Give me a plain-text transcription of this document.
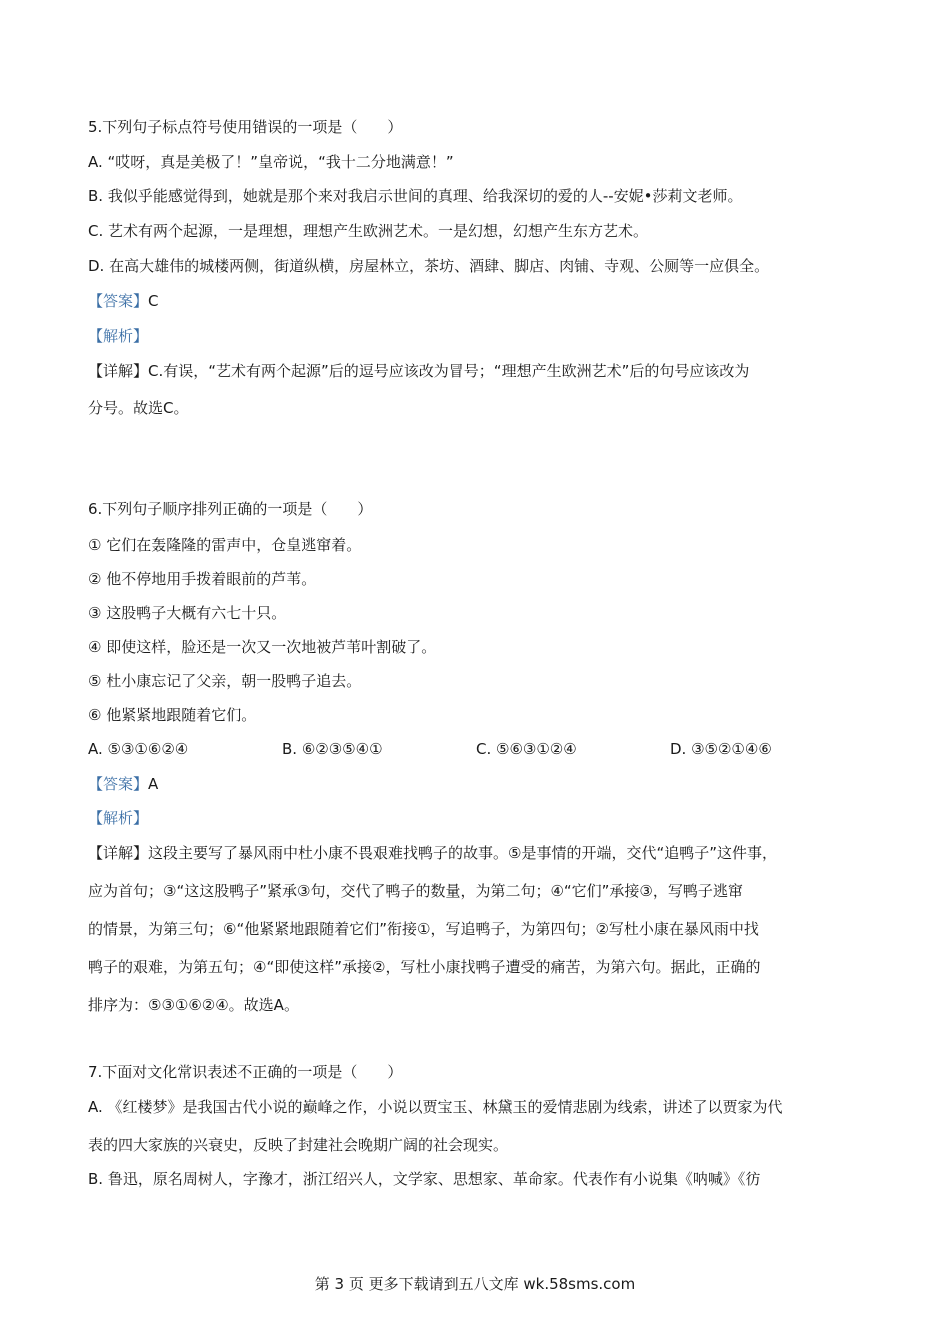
5.下列句子标点符号使用错误的一项是（　　）
A. “哎呀，真是美极了！”皇帝说，“我十二分地满意！”
B. 我似乎能感觉得到，她就是那个来对我启示世间的真理、给我深切的爱的人--安妮•莎莉文老师。
C. 艺术有两个起源，一是理想，理想产生欧洲艺术。一是幻想，幻想产生东方艺术。
D. 在高大雄伟的城楼两侧，街道纵横，房屋林立，茶坊、酒肆、脚店、肉铺、寺观、公厕等一应俱全。
【答案】C
【解析】
【详解】C.有误，“艺术有两个起源”后的逗号应该改为冒号；“理想产生欧洲艺术”后的句号应该改为
分号。故选C。
6.下列句子顺序排列正确的一项是（　　）
① 它们在轰隆隆的雷声中，仓皇逃窜着。
② 他不停地用手拨着眼前的芦苇。
③ 这股鸭子大概有六七十只。
④ 即使这样，脸还是一次又一次地被芦苇叶割破了。
⑤ 杜小康忘记了父亲，朝一股鸭子追去。
⑥ 他紧紧地跟随着它们。
A. ⑤③①⑥②④	B. ⑥②③⑤④①	C. ⑤⑥③①②④	D. ③⑤②①④⑥
【答案】A
【解析】
【详解】这段主要写了暴风雨中杜小康不畏艰难找鸭子的故事。⑤是事情的开端，交代“追鸭子”这件事，
应为首句；③“这这股鸭子”紧承③句，交代了鸭子的数量，为第二句；④“它们”承接③，写鸭子逃窜
的情景，为第三句；⑥“他紧紧地跟随着它们”衔接①，写追鸭子，为第四句；②写杜小康在暴风雨中找
鸭子的艰难，为第五句；④“即使这样”承接②，写杜小康找鸭子遭受的痛苦，为第六句。据此，正确的
排序为：⑤③①⑥②④。故选A。
7.下面对文化常识表述不正确的一项是（　　）
A. 《红楼梦》是我国古代小说的巅峰之作，小说以贾宝玉、林黛玉的爱情悲剧为线索，讲述了以贾家为代
表的四大家族的兴衰史，反映了封建社会晚期广阔的社会现实。
B. 鲁迅，原名周树人，字豫才，浙江绍兴人，文学家、思想家、革命家。代表作有小说集《呐喊》《彷
第 3 页 更多下载请到五八文库 wk.58sms.com
